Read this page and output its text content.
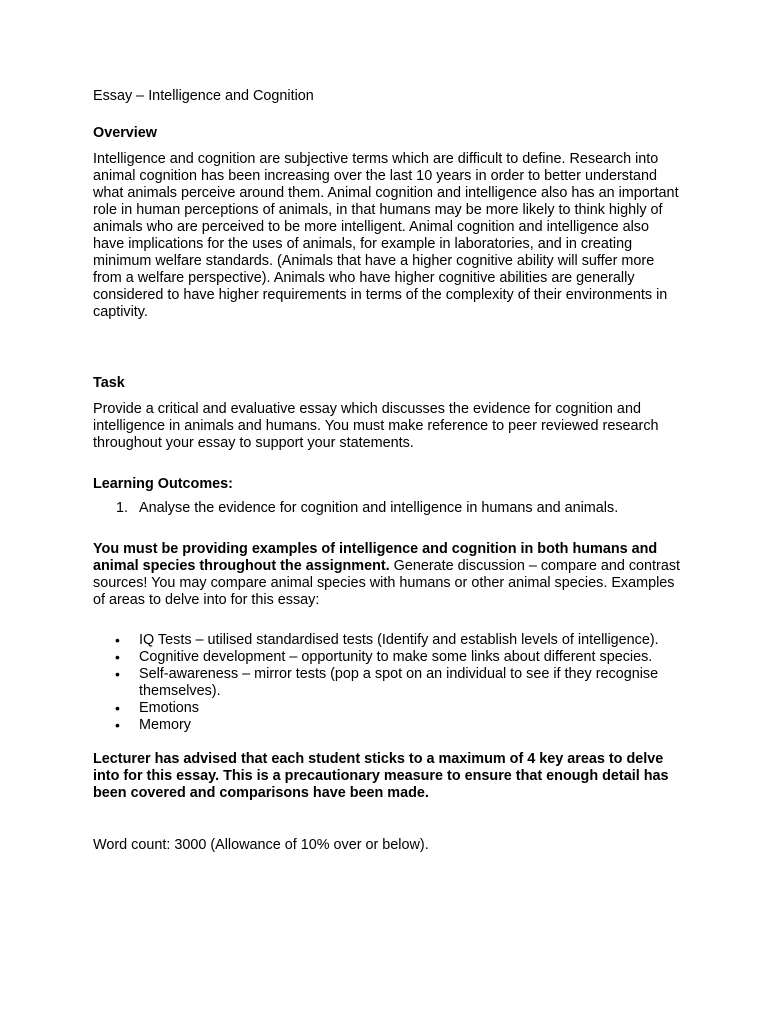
Essay – Intelligence and Cognition
Overview

Intelligence and cognition are subjective terms which are difficult to define. Research into animal cognition has been increasing over the last 10 years in order to better understand what animals perceive around them. Animal cognition and intelligence also has an important role in human perceptions of animals, in that humans may be more likely to think highly of animals who are perceived to be more intelligent. Animal cognition and intelligence also have implications for the uses of animals, for example in laboratories, and in creating minimum welfare standards. (Animals that have a higher cognitive ability will suffer more from a welfare perspective). Animals who have higher cognitive abilities are generally considered to have higher requirements in terms of the complexity of their environments in captivity.

Task

Provide a critical and evaluative essay which discusses the evidence for cognition and intelligence in animals and humans. You must make reference to peer reviewed research throughout your essay to support your statements.

Learning Outcomes:
1. Analyse the evidence for cognition and intelligence in humans and animals.

You must be providing examples of intelligence and cognition in both humans and animal species throughout the assignment. Generate discussion – compare and contrast sources! You may compare animal species with humans or other animal species. Examples of areas to delve into for this essay:

• IQ Tests – utilised standardised tests (Identify and establish levels of intelligence).
• Cognitive development – opportunity to make some links about different species.
• Self-awareness – mirror tests (pop a spot on an individual to see if they recognise themselves).
• Emotions
• Memory

Lecturer has advised that each student sticks to a maximum of 4 key areas to delve into for this essay. This is a precautionary measure to ensure that enough detail has been covered and comparisons have been made.

Word count: 3000 (Allowance of 10% over or below).
